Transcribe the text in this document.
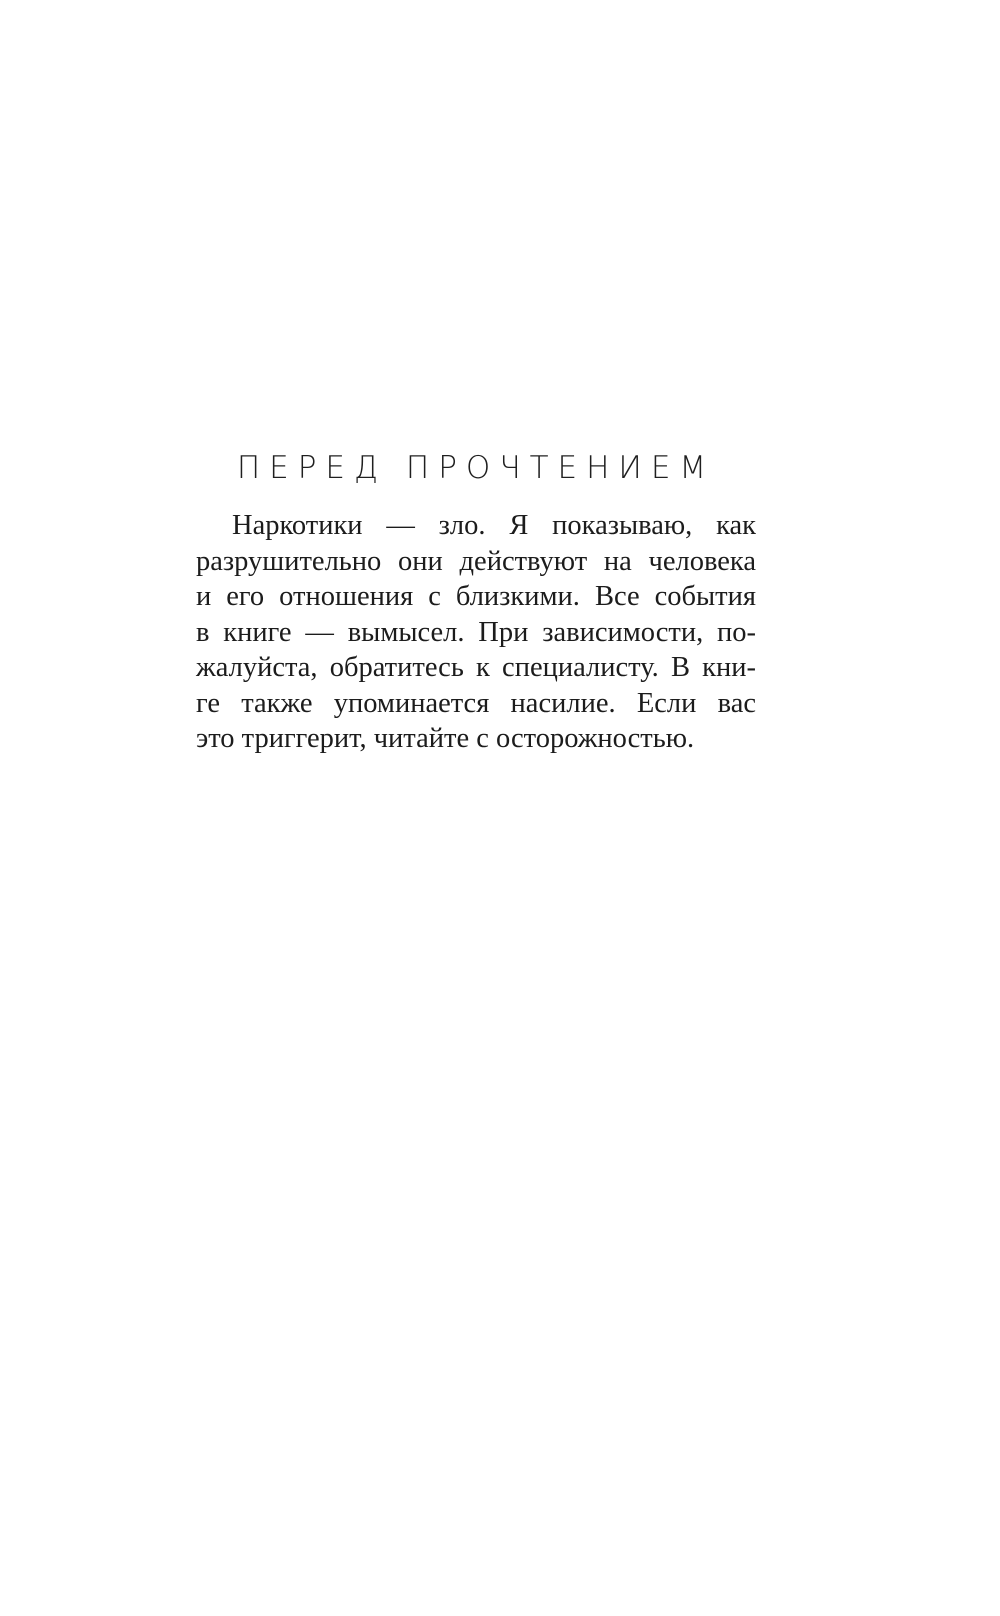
ПЕРЕД ПРОЧТЕНИЕМ
Наркотики — зло. Я показываю, как
разрушительно они действуют на человека
и его отношения с близкими. Все события
в книге — вымысел. При зависимости, по-
жалуйста, обратитесь к специалисту. В кни-
ге также упоминается насилие. Если вас
это триггерит, читайте с осторожностью.
